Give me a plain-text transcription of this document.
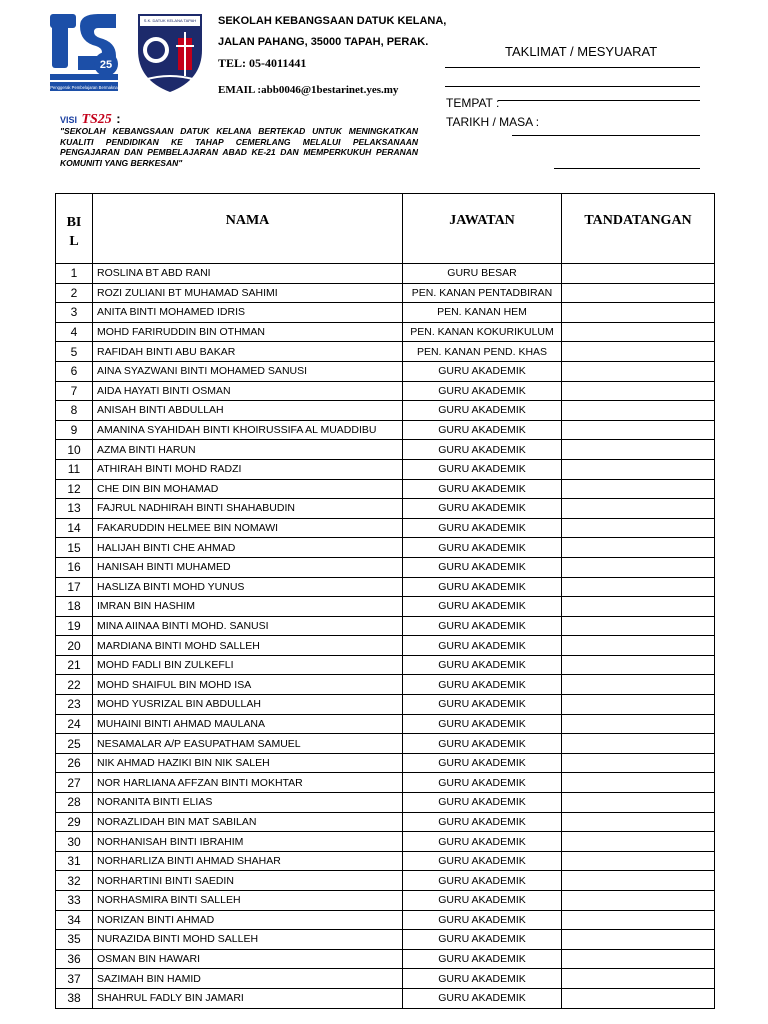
25
Penggerak Pembelajaran Bermakna
S.K. DATUK KELANA TAPAH SEKOLAH KEBANGSAAN DATUK KELANA,
JALAN PAHANG, 35000 TAPAH, PERAK.
TEL: 05-4011441
EMAIL :abb0046@1bestarinet.yes.my
TAKLIMAT / MESYUARAT
TEMPAT :
TARIKH / MASA :
VISI TS25 :
"SEKOLAH KEBANGSAAN DATUK KELANA BERTEKAD UNTUK MENINGKATKAN KUALITI PENDIDIKAN KE TAHAP CEMERLANG MELALUI PELAKSANAAN PENGAJARAN DAN PEMBELAJARAN ABAD KE-21 DAN MEMPERKUKUH PERANAN KOMUNITI YANG BERKESAN"
BI
L	NAMA	JAWATAN	TANDATANGAN
1	ROSLINA BT ABD RANI	GURU BESAR	
2	ROZI ZULIANI BT MUHAMAD SAHIMI	PEN. KANAN PENTADBIRAN	
3	ANITA BINTI MOHAMED IDRIS	PEN. KANAN HEM	
4	MOHD FARIRUDDIN BIN OTHMAN	PEN. KANAN KOKURIKULUM	
5	RAFIDAH BINTI ABU BAKAR	PEN. KANAN PEND. KHAS	
6	AINA SYAZWANI BINTI MOHAMED SANUSI	GURU AKADEMIK	
7	AIDA HAYATI BINTI OSMAN	GURU AKADEMIK	
8	ANISAH BINTI ABDULLAH	GURU AKADEMIK	
9	AMANINA SYAHIDAH BINTI KHOIRUSSIFA AL MUADDIBU	GURU AKADEMIK	
10	AZMA BINTI HARUN	GURU AKADEMIK	
11	ATHIRAH BINTI MOHD RADZI	GURU AKADEMIK	
12	CHE DIN BIN MOHAMAD	GURU AKADEMIK	
13	FAJRUL NADHIRAH BINTI SHAHABUDIN	GURU AKADEMIK	
14	FAKARUDDIN HELMEE BIN NOMAWI	GURU AKADEMIK	
15	HALIJAH BINTI CHE AHMAD	GURU AKADEMIK	
16	HANISAH BINTI MUHAMED	GURU AKADEMIK	
17	HASLIZA BINTI MOHD YUNUS	GURU AKADEMIK	
18	IMRAN BIN HASHIM	GURU AKADEMIK	
19	MINA AIINAA BINTI MOHD. SANUSI	GURU AKADEMIK	
20	MARDIANA BINTI MOHD SALLEH	GURU AKADEMIK	
21	MOHD FADLI BIN ZULKEFLI	GURU AKADEMIK	
22	MOHD SHAIFUL BIN MOHD ISA	GURU AKADEMIK	
23	MOHD YUSRIZAL BIN ABDULLAH	GURU AKADEMIK	
24	MUHAINI BINTI AHMAD MAULANA	GURU AKADEMIK	
25	NESAMALAR A/P EASUPATHAM SAMUEL	GURU AKADEMIK	
26	NIK AHMAD HAZIKI BIN NIK SALEH	GURU AKADEMIK	
27	NOR HARLIANA AFFZAN BINTI MOKHTAR	GURU AKADEMIK	
28	NORANITA BINTI ELIAS	GURU AKADEMIK	
29	NORAZLIDAH BIN MAT SABILAN	GURU AKADEMIK	
30	NORHANISAH BINTI IBRAHIM	GURU AKADEMIK	
31	NORHARLIZA BINTI AHMAD SHAHAR	GURU AKADEMIK	
32	NORHARTINI BINTI SAEDIN	GURU AKADEMIK	
33	NORHASMIRA BINTI SALLEH	GURU AKADEMIK	
34	NORIZAN BINTI AHMAD	GURU AKADEMIK	
35	NURAZIDA BINTI MOHD SALLEH	GURU AKADEMIK	
36	OSMAN BIN HAWARI	GURU AKADEMIK	
37	SAZIMAH BIN HAMID	GURU AKADEMIK	
38	SHAHRUL FADLY BIN JAMARI	GURU AKADEMIK	
